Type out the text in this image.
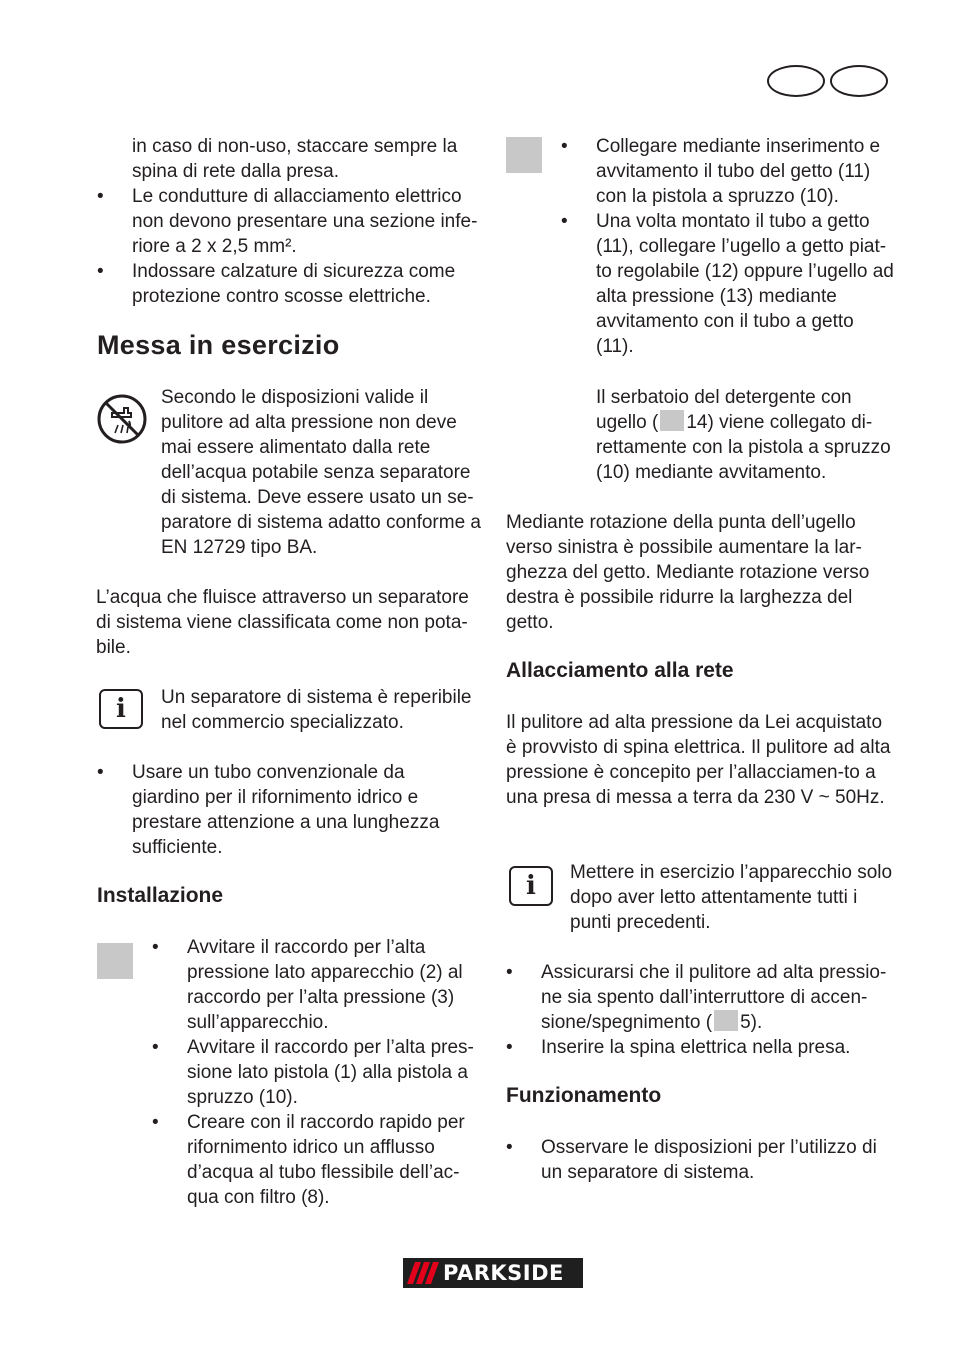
in caso di non-uso, staccare sempre la spina di rete dalla presa.

• Le condutture di allacciamento elettrico non devono presentare una sezione infe-riore a 2 x 2,5 mm².
• Indossare calzature di sicurezza come protezione contro scosse elettriche.
Messa in esercizio

Secondo le disposizioni valide il pulitore ad alta pressione non deve mai essere alimentato dalla rete dell’acqua potabile senza separatore di sistema. Deve essere usato un se-paratore di sistema adatto conforme a EN 12729 tipo BA.

L’acqua che fluisce attraverso un separatore di sistema viene classificata come non pota-bile.

i	Un separatore di sistema è reperibile nel commercio specializzato.

• Usare un tubo convenzionale da giardino per il rifornimento idrico e prestare attenzione a una lunghezza sufficiente.
Installazione
• Avvitare il raccordo per l’alta pressione lato apparecchio (2) al raccordo per l’alta pressione (3) sull’apparecchio.
• Avvitare il raccordo per l’alta pres-sione lato pistola (1) alla pistola a spruzzo (10).
• Creare con il raccordo rapido per rifornimento idrico un afflusso d’acqua al tubo flessibile dell’ac-qua con filtro (8).
• Collegare mediante inserimento e avvitamento il tubo del getto (11) con la pistola a spruzzo (10).
• Una volta montato il tubo a getto (11), collegare l’ugello a getto piat-to regolabile (12) oppure l’ugello ad alta pressione (13) mediante avvitamento con il tubo a getto (11).

Il serbatoio del detergente con ugello ( 14) viene collegato di-rettamente con la pistola a spruzzo (10) mediante avvitamento.

Mediante rotazione della punta dell’ugello verso sinistra è possibile aumentare la lar-ghezza del getto. Mediante rotazione verso destra è possibile ridurre la larghezza del getto.

Allacciamento alla rete

Il pulitore ad alta pressione da Lei acquistato è provvisto di spina elettrica. Il pulitore ad alta pressione è concepito per l’allacciamen-to a una presa di messa a terra da 230 V ~ 50Hz.

i	Mettere in esercizio l’apparecchio solo dopo aver letto attentamente tutti i punti precedenti.

• Assicurarsi che il pulitore ad alta pressio-ne sia spento dall’interruttore di accen-sione/spegnimento ( 5).
• Inserire la spina elettrica nella presa.
Funzionamento
• Osservare le disposizioni per l’utilizzo di un separatore di sistema.
PARKSIDE
